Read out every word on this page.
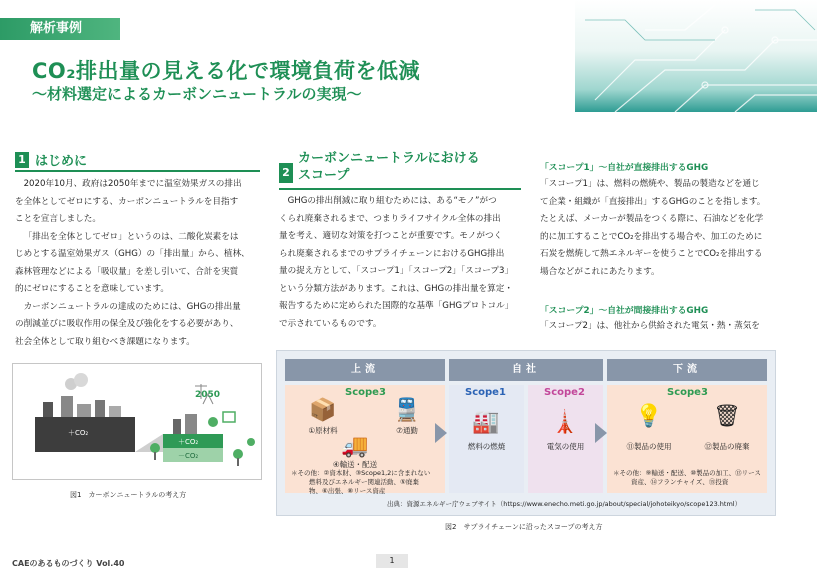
解析事例
CO₂排出量の見える化で環境負荷を低減
〜材料選定によるカーボンニュートラルの実現〜
1 はじめに
2020年10月、政府は2050年までに温室効果ガスの排出
を全体としてゼロにする、カーボンニュートラルを目指す
ことを宣言しました。
「排出を全体としてゼロ」というのは、二酸化炭素をは
じめとする温室効果ガス（GHG）の「排出量」から、植林、
森林管理などによる「吸収量」を差し引いて、合計を実質
的にゼロにすることを意味しています。
カーボンニュートラルの達成のためには、GHGの排出量
の削減並びに吸収作用の保全及び強化をする必要があり、
社会全体として取り組むべき課題になります。
2050
＋CO₂
＋CO₂
－CO₂
図1　カーボンニュートラルの考え方
2
カーボンニュートラルにおける
スコープ
GHGの排出削減に取り組むためには、ある“モノ”がつ
くられ廃棄されるまで、つまりライフサイクル全体の排出
量を考え、適切な対策を打つことが重要です。モノがつく
られ廃棄されるまでのサプライチェーンにおけるGHG排出
量の捉え方として、「スコープ1」「スコープ2」「スコープ3」
という分類方法があります。これは、GHGの排出量を算定・
報告するために定められた国際的な基準「GHGプロトコル」
で示されているものです。
「スコープ1」〜自社が直接排出するGHG
「スコープ1」は、燃料の燃焼や、製品の製造などを通じ
て企業・組織が「直接排出」するGHGのことを指します。
たとえば、メーカーが製品をつくる際に、石油などを化学
的に加工することでCO₂を排出する場合や、加工のために
石炭を燃焼して熱エネルギーを使うことでCO₂を排出する
場合などがこれにあたります。
「スコープ2」〜自社が間接排出するGHG
「スコープ2」は、他社から供給された電気・熱・蒸気を
上流	自社	下流
Scope3
📦
①原材料
🚆
⑦通勤
🚚
④輸送・配送
＊その他：②資本財、③Scope1,2に含まれない
燃料及びエネルギー関連活動、⑤廃棄
物、⑥出張、⑧リース資産
Scope1
🏭
燃料の燃焼
Scope2
🗼
電気の使用
Scope3
💡
⑪製品の使用
🗑
⑫製品の廃棄
＊その他：⑨輸送・配送、⑩製品の加工、⑬リース
資産、⑭フランチャイズ、⑮投資
出典：資源エネルギー庁ウェブサイト（https://www.enecho.meti.go.jp/about/special/johoteikyo/scope123.html）
図2　サプライチェーンに沿ったスコープの考え方
CAEのあるものづくり Vol.40	1
